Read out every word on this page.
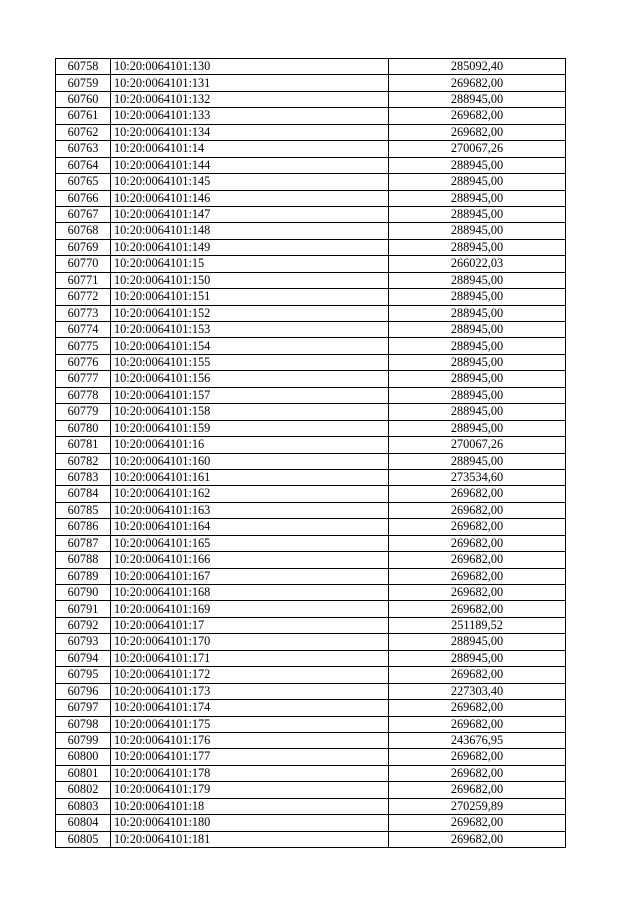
60758	10:20:0064101:130	285092,40
60759	10:20:0064101:131	269682,00
60760	10:20:0064101:132	288945,00
60761	10:20:0064101:133	269682,00
60762	10:20:0064101:134	269682,00
60763	10:20:0064101:14	270067,26
60764	10:20:0064101:144	288945,00
60765	10:20:0064101:145	288945,00
60766	10:20:0064101:146	288945,00
60767	10:20:0064101:147	288945,00
60768	10:20:0064101:148	288945,00
60769	10:20:0064101:149	288945,00
60770	10:20:0064101:15	266022,03
60771	10:20:0064101:150	288945,00
60772	10:20:0064101:151	288945,00
60773	10:20:0064101:152	288945,00
60774	10:20:0064101:153	288945,00
60775	10:20:0064101:154	288945,00
60776	10:20:0064101:155	288945,00
60777	10:20:0064101:156	288945,00
60778	10:20:0064101:157	288945,00
60779	10:20:0064101:158	288945,00
60780	10:20:0064101:159	288945,00
60781	10:20:0064101:16	270067,26
60782	10:20:0064101:160	288945,00
60783	10:20:0064101:161	273534,60
60784	10:20:0064101:162	269682,00
60785	10:20:0064101:163	269682,00
60786	10:20:0064101:164	269682,00
60787	10:20:0064101:165	269682,00
60788	10:20:0064101:166	269682,00
60789	10:20:0064101:167	269682,00
60790	10:20:0064101:168	269682,00
60791	10:20:0064101:169	269682,00
60792	10:20:0064101:17	251189,52
60793	10:20:0064101:170	288945,00
60794	10:20:0064101:171	288945,00
60795	10:20:0064101:172	269682,00
60796	10:20:0064101:173	227303,40
60797	10:20:0064101:174	269682,00
60798	10:20:0064101:175	269682,00
60799	10:20:0064101:176	243676,95
60800	10:20:0064101:177	269682,00
60801	10:20:0064101:178	269682,00
60802	10:20:0064101:179	269682,00
60803	10:20:0064101:18	270259,89
60804	10:20:0064101:180	269682,00
60805	10:20:0064101:181	269682,00
